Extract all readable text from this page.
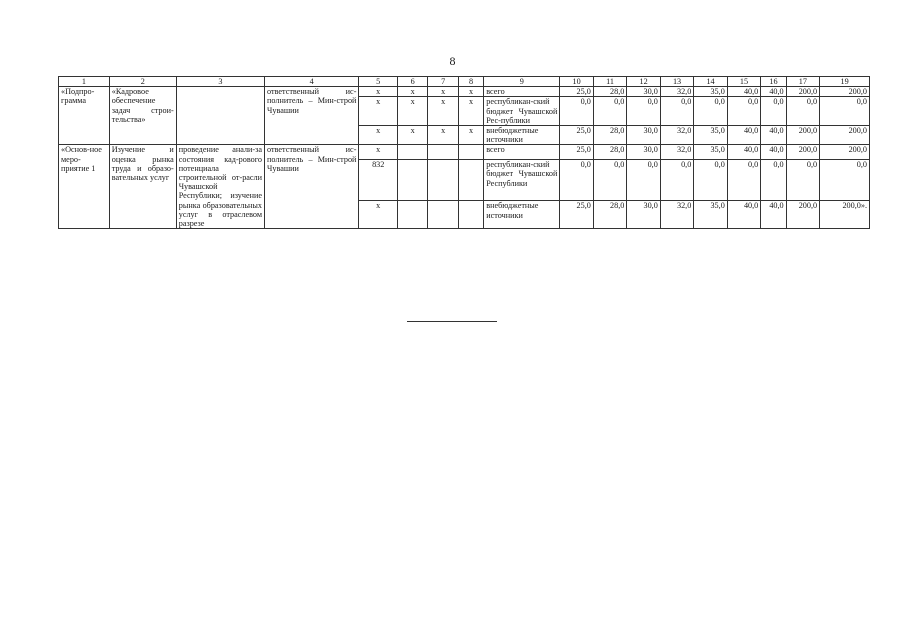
8
1	2	3	4	5	6	7	8	9	10	11	12	13	14	15	16	17	19
«Подпро-грамма	«Кадровое обеспечение задач строи-тельства»		ответственный ис-полнитель – Мин-строй Чувашии	x	x	x	x	всего	25,0	28,0	30,0	32,0	35,0	40,0	40,0	200,0	200,0
				x	x	x	x	республикан-ский бюджет Чувашской Рес-публики	0,0	0,0	0,0	0,0	0,0	0,0	0,0	0,0	0,0
				x	x	x	x	внебюджетные источники	25,0	28,0	30,0	32,0	35,0	40,0	40,0	200,0	200,0
«Основ-ное меро-приятие 1	Изучение и оценка рынка труда и образо-вательных услуг	проведение анали-за состояния кад-рового потенциала строительной от-расли Чувашской Республики; изучение рынка образовательных услуг в отраслевом разрезе	ответственный ис-полнитель – Мин-строй Чувашии	x				всего	25,0	28,0	30,0	32,0	35,0	40,0	40,0	200,0	200,0
				832				республикан-ский бюджет Чувашской Республики	0,0	0,0	0,0	0,0	0,0	0,0	0,0	0,0	0,0
				x				внебюджетные источники	25,0	28,0	30,0	32,0	35,0	40,0	40,0	200,0	200,0».
